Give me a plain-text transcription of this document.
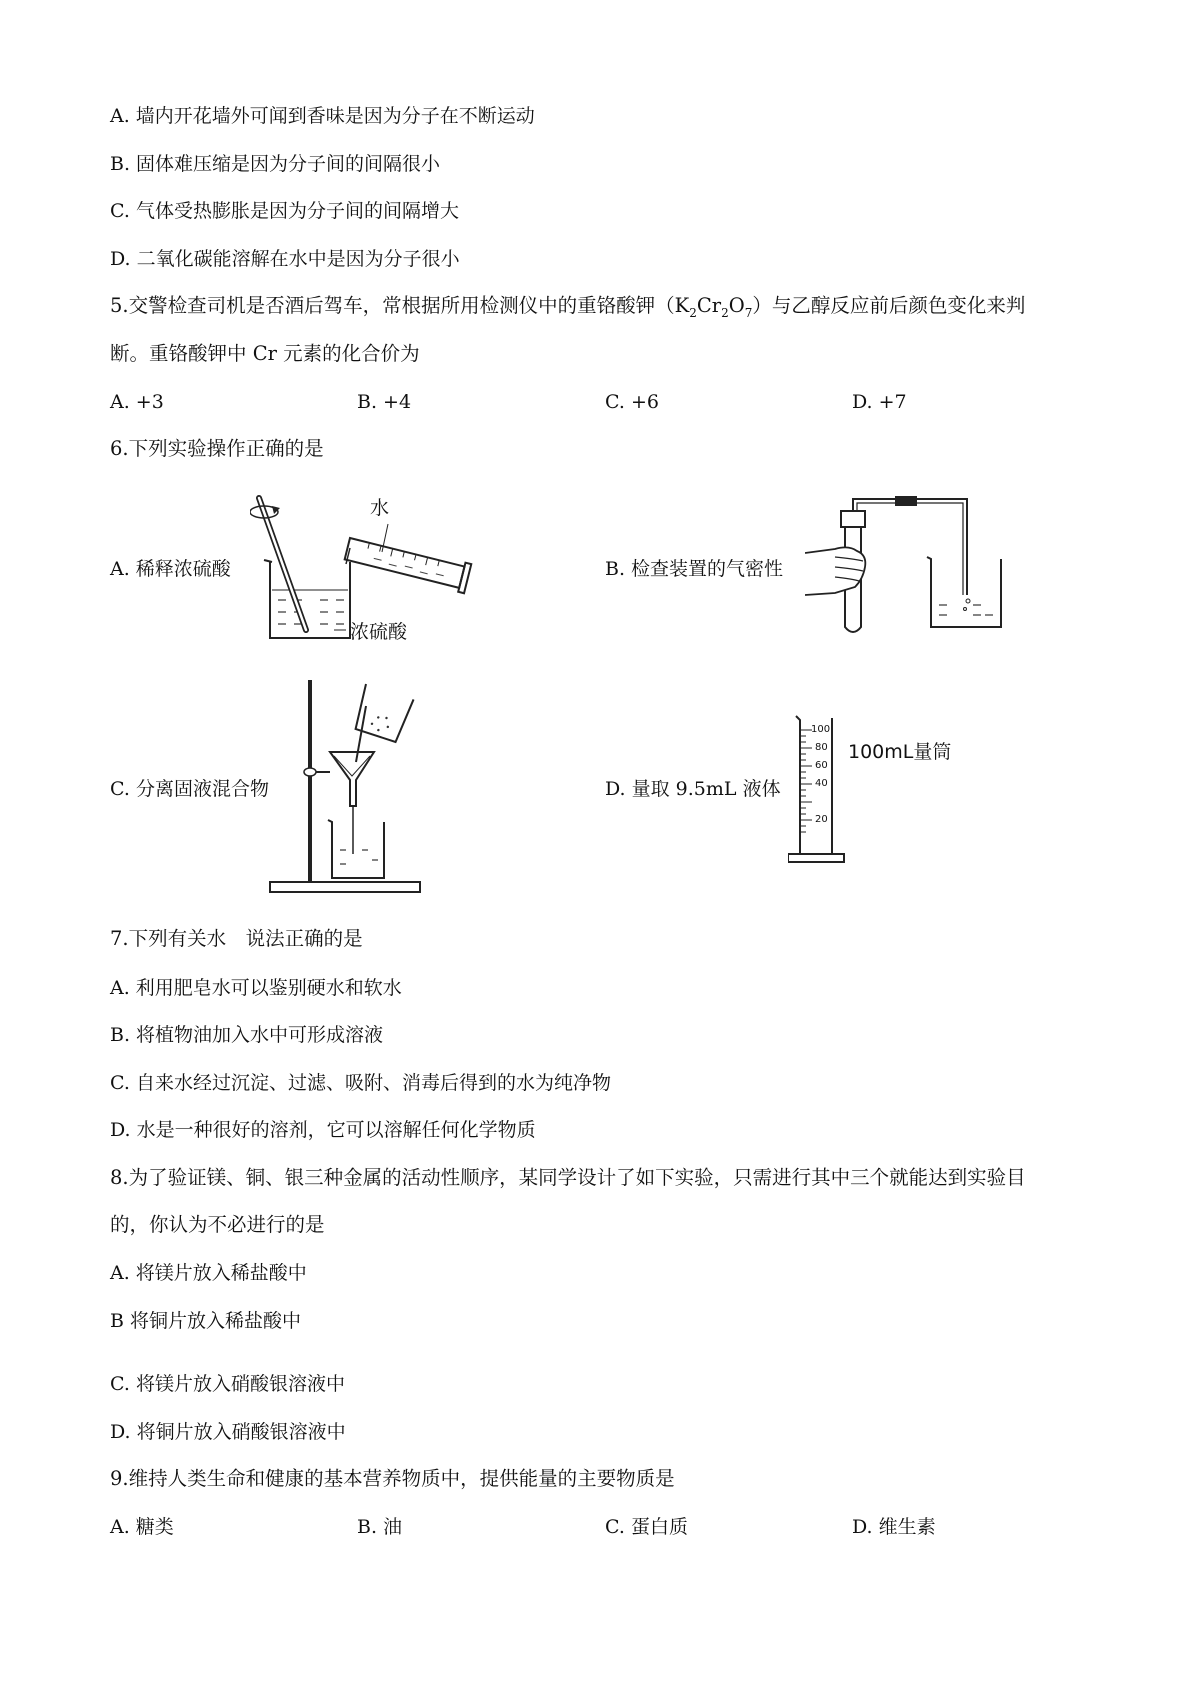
A. 墙内开花墙外可闻到香味是因为分子在不断运动
B. 固体难压缩是因为分子间的间隔很小
C. 气体受热膨胀是因为分子间的间隔增大
D. 二氧化碳能溶解在水中是因为分子很小
5.交警检查司机是否酒后驾车，常根据所用检测仪中的重铬酸钾$(K_2Cr_2O_7)$与乙醇反应前后颜色变化来判
断。重铬酸钾中 Cr 元素的化合价为
A. +3	B. +4	C. +6	D. +7
6.下列实验操作正确的是
A. 稀释浓硫酸
水
浓硫酸
B. 检查装置的气密性
C. 分离固液混合物	D. 量取 9.5mL 液体
100
80
60
40
20
100mL量筒
7.下列有关水　说法正确的是
A. 利用肥皂水可以鉴别硬水和软水
B. 将植物油加入水中可形成溶液
C. 自来水经过沉淀、过滤、吸附、消毒后得到的水为纯净物
D. 水是一种很好的溶剂，它可以溶解任何化学物质
8.为了验证镁、铜、银三种金属的活动性顺序，某同学设计了如下实验，只需进行其中三个就能达到实验目
的，你认为不必进行的是
A. 将镁片放入稀盐酸中
B 将铜片放入稀盐酸中
C. 将镁片放入硝酸银溶液中
D. 将铜片放入硝酸银溶液中
9.维持人类生命和健康的基本营养物质中，提供能量的主要物质是
A. 糖类	B. 油	C. 蛋白质	D. 维生素
